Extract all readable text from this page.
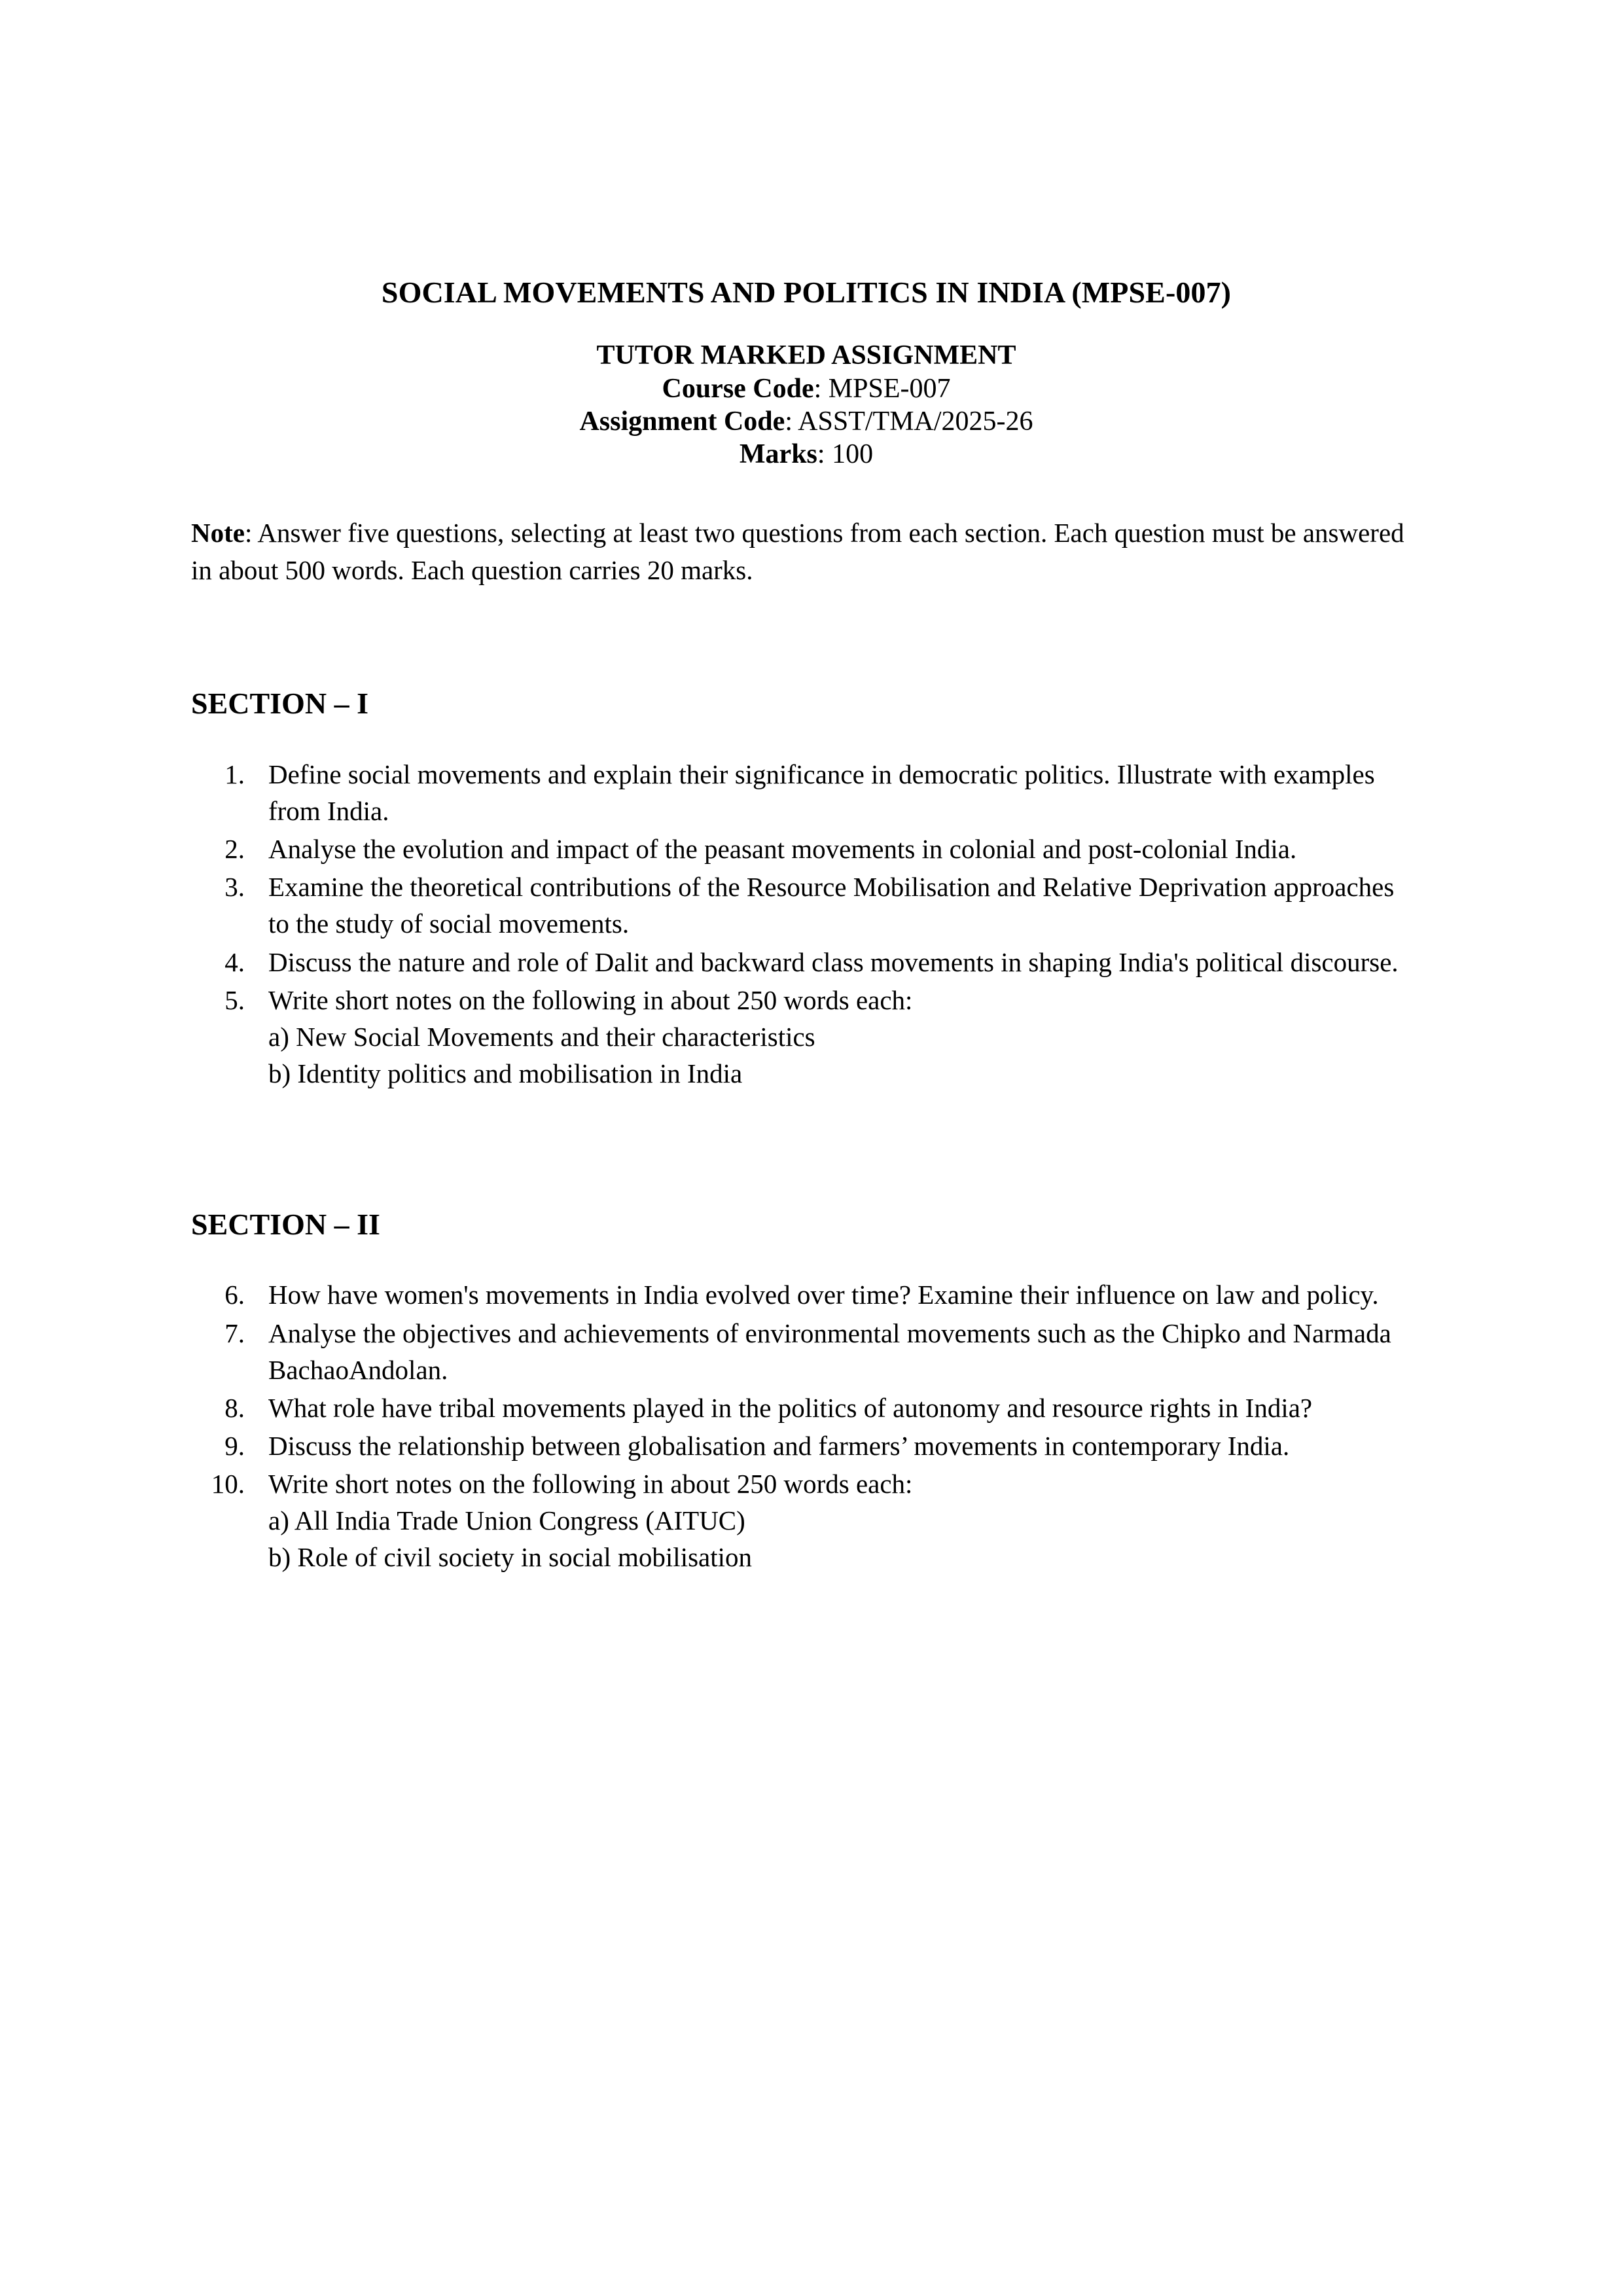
SOCIAL MOVEMENTS AND POLITICS IN INDIA (MPSE-007)
TUTOR MARKED ASSIGNMENT
Course Code: MPSE-007
Assignment Code: ASST/TMA/2025-26
Marks: 100

Note: Answer five questions, selecting at least two questions from each section. Each question must be answered in about 500 words. Each question carries 20 marks.

SECTION – I
1. Define social movements and explain their significance in democratic politics. Illustrate with examples from India.
2. Analyse the evolution and impact of the peasant movements in colonial and post-colonial India.
3. Examine the theoretical contributions of the Resource Mobilisation and Relative Deprivation approaches to the study of social movements.
4. Discuss the nature and role of Dalit and backward class movements in shaping India's political discourse.
5. Write short notes on the following in about 250 words each:
a) New Social Movements and their characteristics
b) Identity politics and mobilisation in India
SECTION – II
6. How have women's movements in India evolved over time? Examine their influence on law and policy.
7. Analyse the objectives and achievements of environmental movements such as the Chipko and Narmada BachaoAndolan.
8. What role have tribal movements played in the politics of autonomy and resource rights in India?
9. Discuss the relationship between globalisation and farmers’ movements in contemporary India.
10. Write short notes on the following in about 250 words each:
a) All India Trade Union Congress (AITUC)
b) Role of civil society in social mobilisation
